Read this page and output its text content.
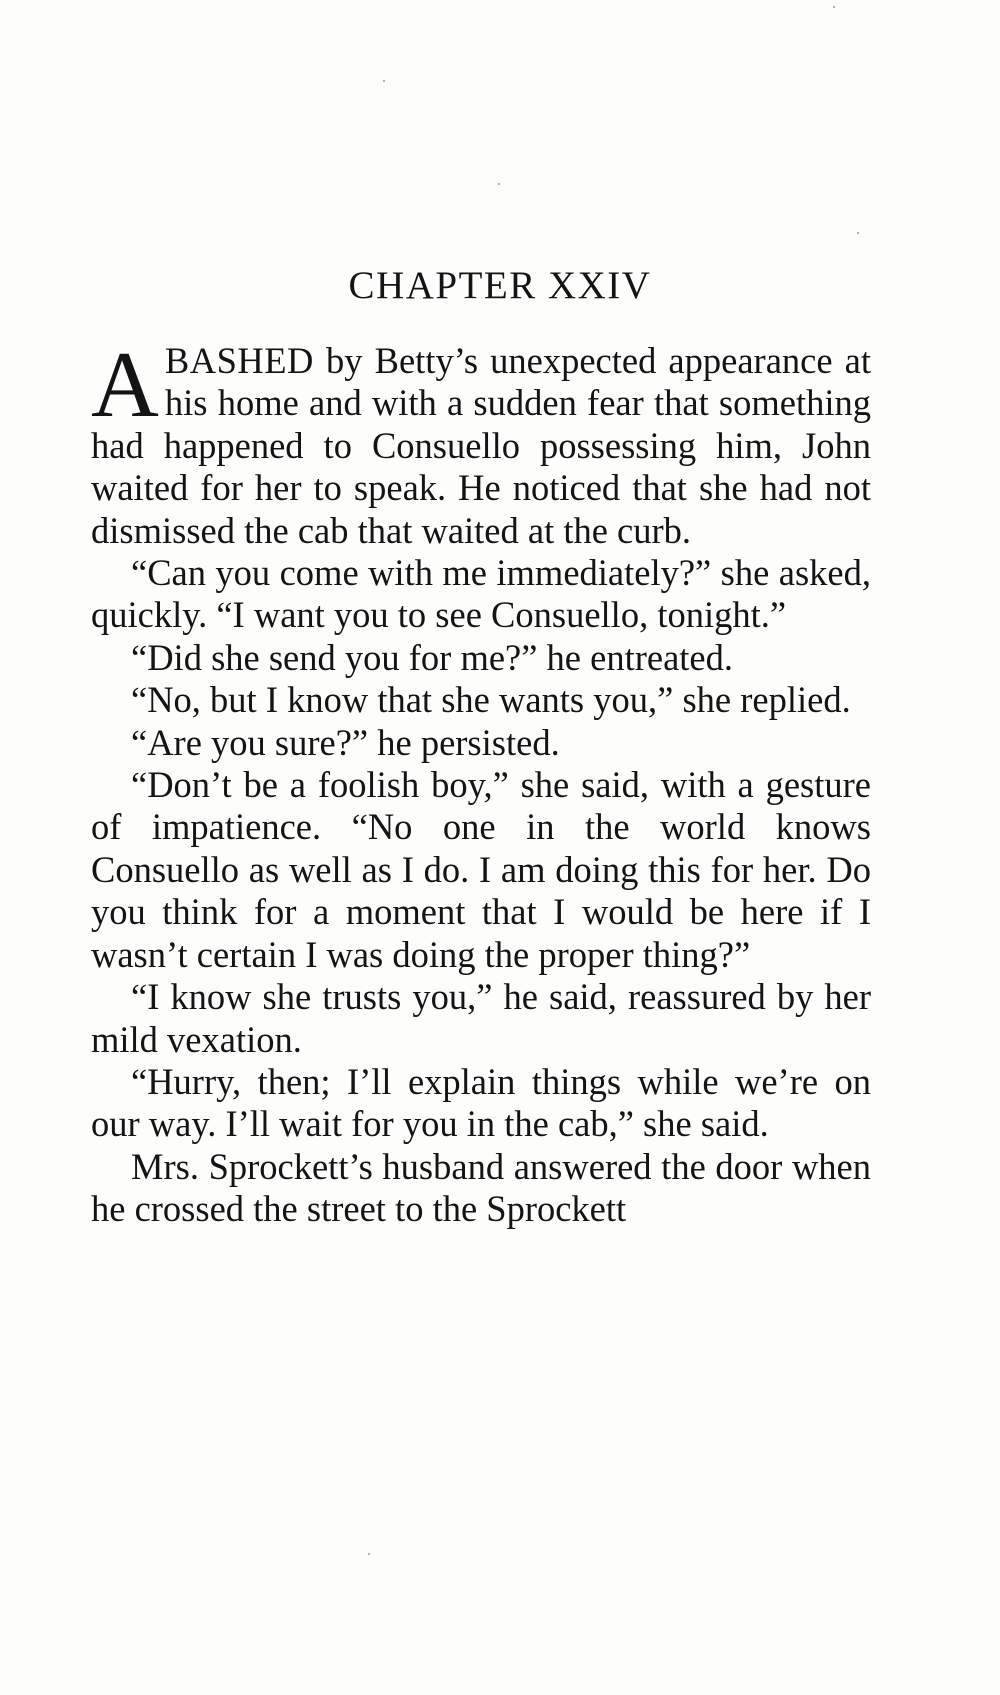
CHAPTER XXIV

ABASHED by Betty’s unexpected appearance at his home and with a sudden fear that something had happened to Consuello possessing him, John waited for her to speak. He noticed that she had not dismissed the cab that waited at the curb.

“Can you come with me immediately?” she asked, quickly. “I want you to see Consuello, tonight.”

“Did she send you for me?” he entreated.

“No, but I know that she wants you,” she replied.

“Are you sure?” he persisted.

“Don’t be a foolish boy,” she said, with a gesture of impatience. “No one in the world knows Consuello as well as I do. I am doing this for her. Do you think for a moment that I would be here if I wasn’t certain I was doing the proper thing?”

“I know she trusts you,” he said, reassured by her mild vexation.

“Hurry, then; I’ll explain things while we’re on our way. I’ll wait for you in the cab,” she said.

Mrs. Sprockett’s husband answered the door when he crossed the street to the Sprockett
